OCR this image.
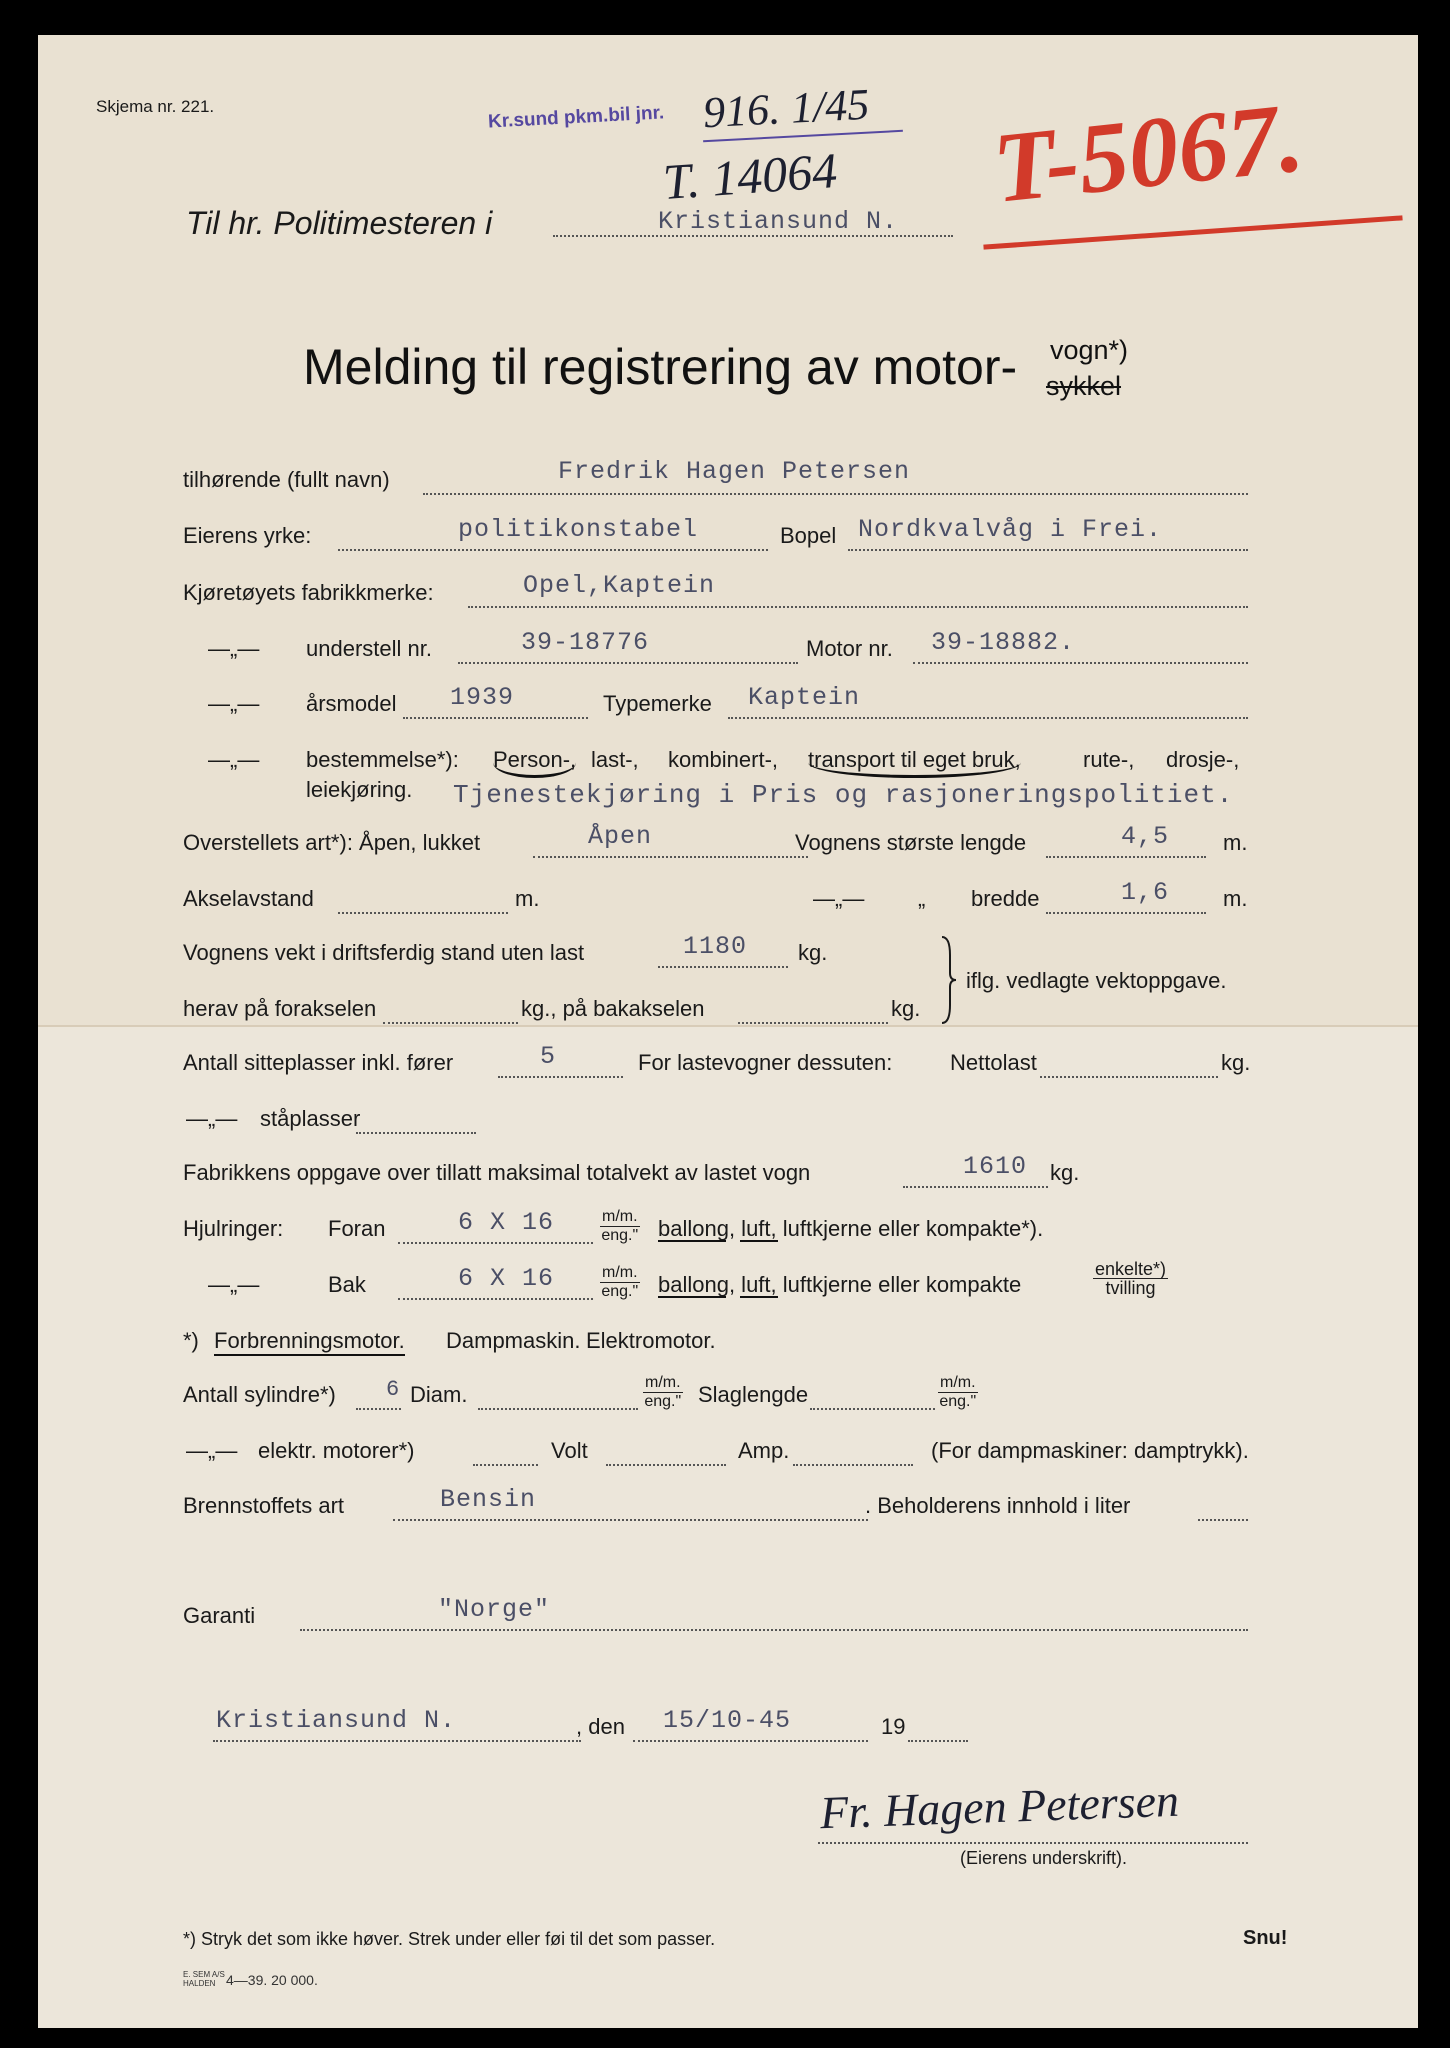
Skjema nr. 221.	Kr.sund pkm.bil jnr. 916. 1/45
T. 14064 T-5067.
Til hr. Politimesteren i	Kristiansund N.
Melding til registrering av motor- vogn*)
sykkel
tilhørende (fullt navn)	Fredrik Hagen Petersen
Eierens yrke:	politikonstabel	Bopel Nordkvalvåg i Frei.
Kjøretøyets fabrikkmerke:	Opel,Kaptein
—„— understell nr.	39-18776	Motor nr. 39-18882.
—„— årsmodel 1939	Typemerke Kaptein
—„— bestemmelse*): Person-, last-, kombinert-, transport til eget bruk,	rute-, drosje-,
leiekjøring. Tjenestekjøring i Pris og rasjoneringspolitiet.
Overstellets art*): Åpen, lukket	Åpen	Vognens største lengde	4,5 m.
Akselavstand	m.	—„— „ bredde	1,6 m.
Vognens vekt i driftsferdig stand uten last	1180 kg.
herav på forakselen	kg., på bakakselen	kg.
iflg. vedlagte vektoppgave.
Antall sitteplasser inkl. fører	5	For lastevogner dessuten:	Nettolast	kg.
—„— ståplasser
Fabrikkens oppgave over tillatt maksimal totalvekt av lastet vogn	1610 kg.
Hjulringer: Foran	6 X 16	m/m.
eng." ballong, luft, luftkjerne eller kompakte*).
—„—	Bak	6 X 16	m/m.
eng." ballong, luft, luftkjerne eller kompakte
enkelte*)
tvilling
*) Forbrenningsmotor. Dampmaskin. Elektromotor.
Antall sylindre*) 6 Diam.	m/m.
eng." Slaglengde	m/m.
eng."
—„— elektr. motorer*)	Volt	Amp.	(For dampmaskiner: damptrykk).
Brennstoffets art	Bensin	. Beholderens innhold i liter
Garanti	"Norge"
Kristiansund N.	, den 15/10-45	19
Fr. Hagen Petersen
(Eierens underskrift).
*) Stryk det som ikke høver. Strek under eller føi til det som passer.	Snu!
E. SEM A/S
HALDEN 4—39. 20 000.
